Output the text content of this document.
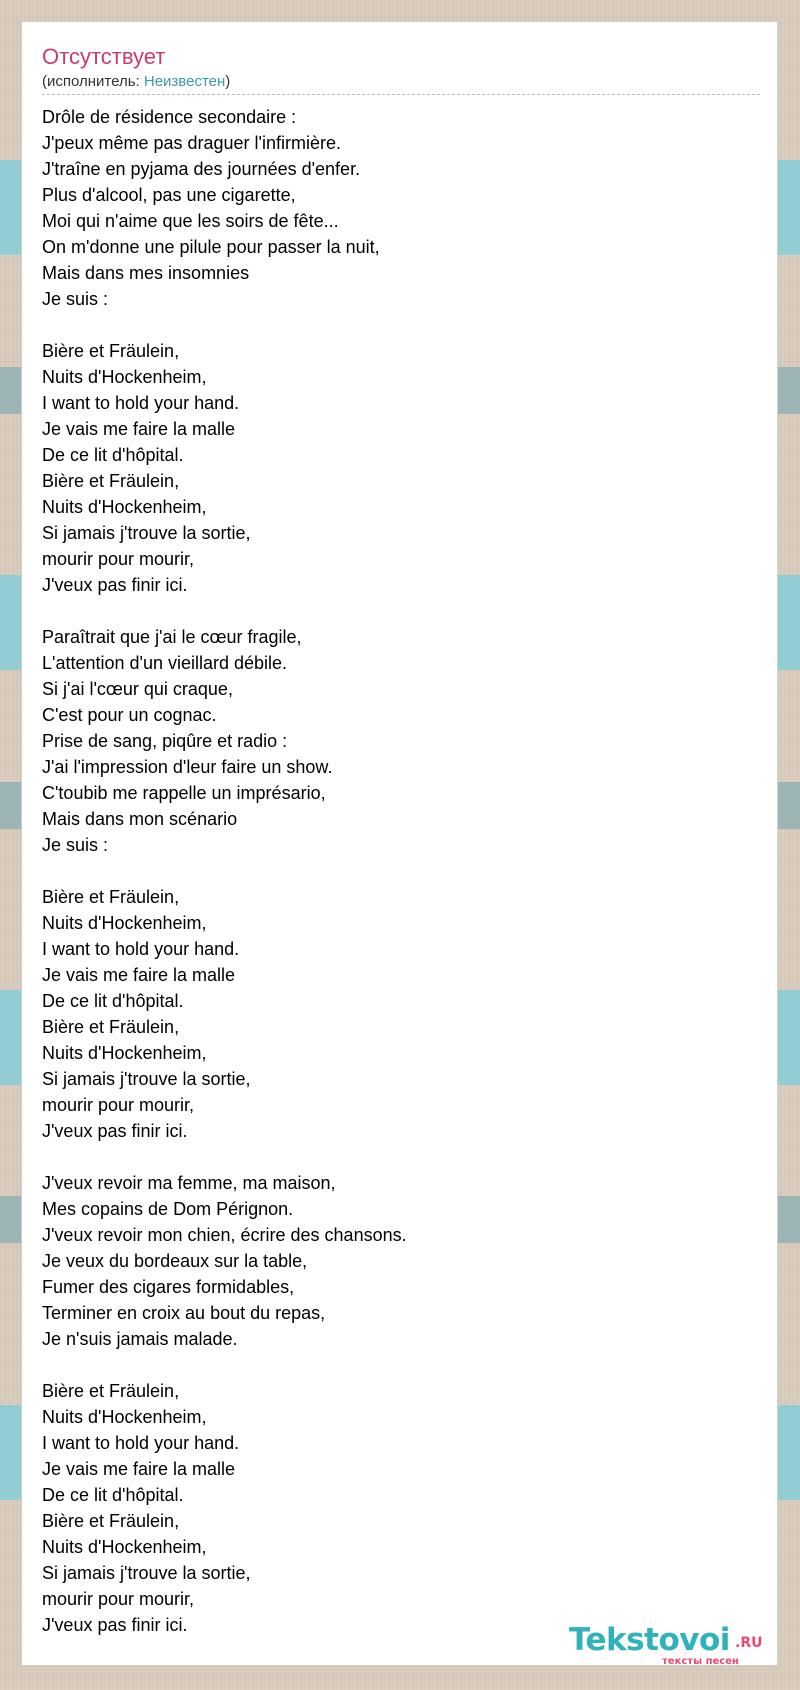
Отсутствует
(исполнитель: Неизвестен)
Drôle de résidence secondaire :
J'peux même pas draguer l'infirmière.
J'traîne en pyjama des journées d'enfer.
Plus d'alcool, pas une cigarette,
Moi qui n'aime que les soirs de fête...
On m'donne une pilule pour passer la nuit,
Mais dans mes insomnies
Je suis :
Bière et Fräulein,
Nuits d'Hockenheim,
I want to hold your hand.
Je vais me faire la malle
De ce lit d'hôpital.
Bière et Fräulein,
Nuits d'Hockenheim,
Si jamais j'trouve la sortie,
mourir pour mourir,
J'veux pas finir ici.
Paraîtrait que j'ai le cœur fragile,
L'attention d'un vieillard débile.
Si j'ai l'cœur qui craque,
C'est pour un cognac.
Prise de sang, piqûre et radio :
J'ai l'impression d'leur faire un show.
C'toubib me rappelle un imprésario,
Mais dans mon scénario
Je suis :
Bière et Fräulein,
Nuits d'Hockenheim,
I want to hold your hand.
Je vais me faire la malle
De ce lit d'hôpital.
Bière et Fräulein,
Nuits d'Hockenheim,
Si jamais j'trouve la sortie,
mourir pour mourir,
J'veux pas finir ici.
J'veux revoir ma femme, ma maison,
Mes copains de Dom Pérignon.
J'veux revoir mon chien, écrire des chansons.
Je veux du bordeaux sur la table,
Fumer des cigares formidables,
Terminer en croix au bout du repas,
Je n'suis jamais malade.
Bière et Fräulein,
Nuits d'Hockenheim,
I want to hold your hand.
Je vais me faire la malle
De ce lit d'hôpital.
Bière et Fräulein,
Nuits d'Hockenheim,
Si jamais j'trouve la sortie,
mourir pour mourir,
J'veux pas finir ici.	Tekstovoi .RU
тексты песен
